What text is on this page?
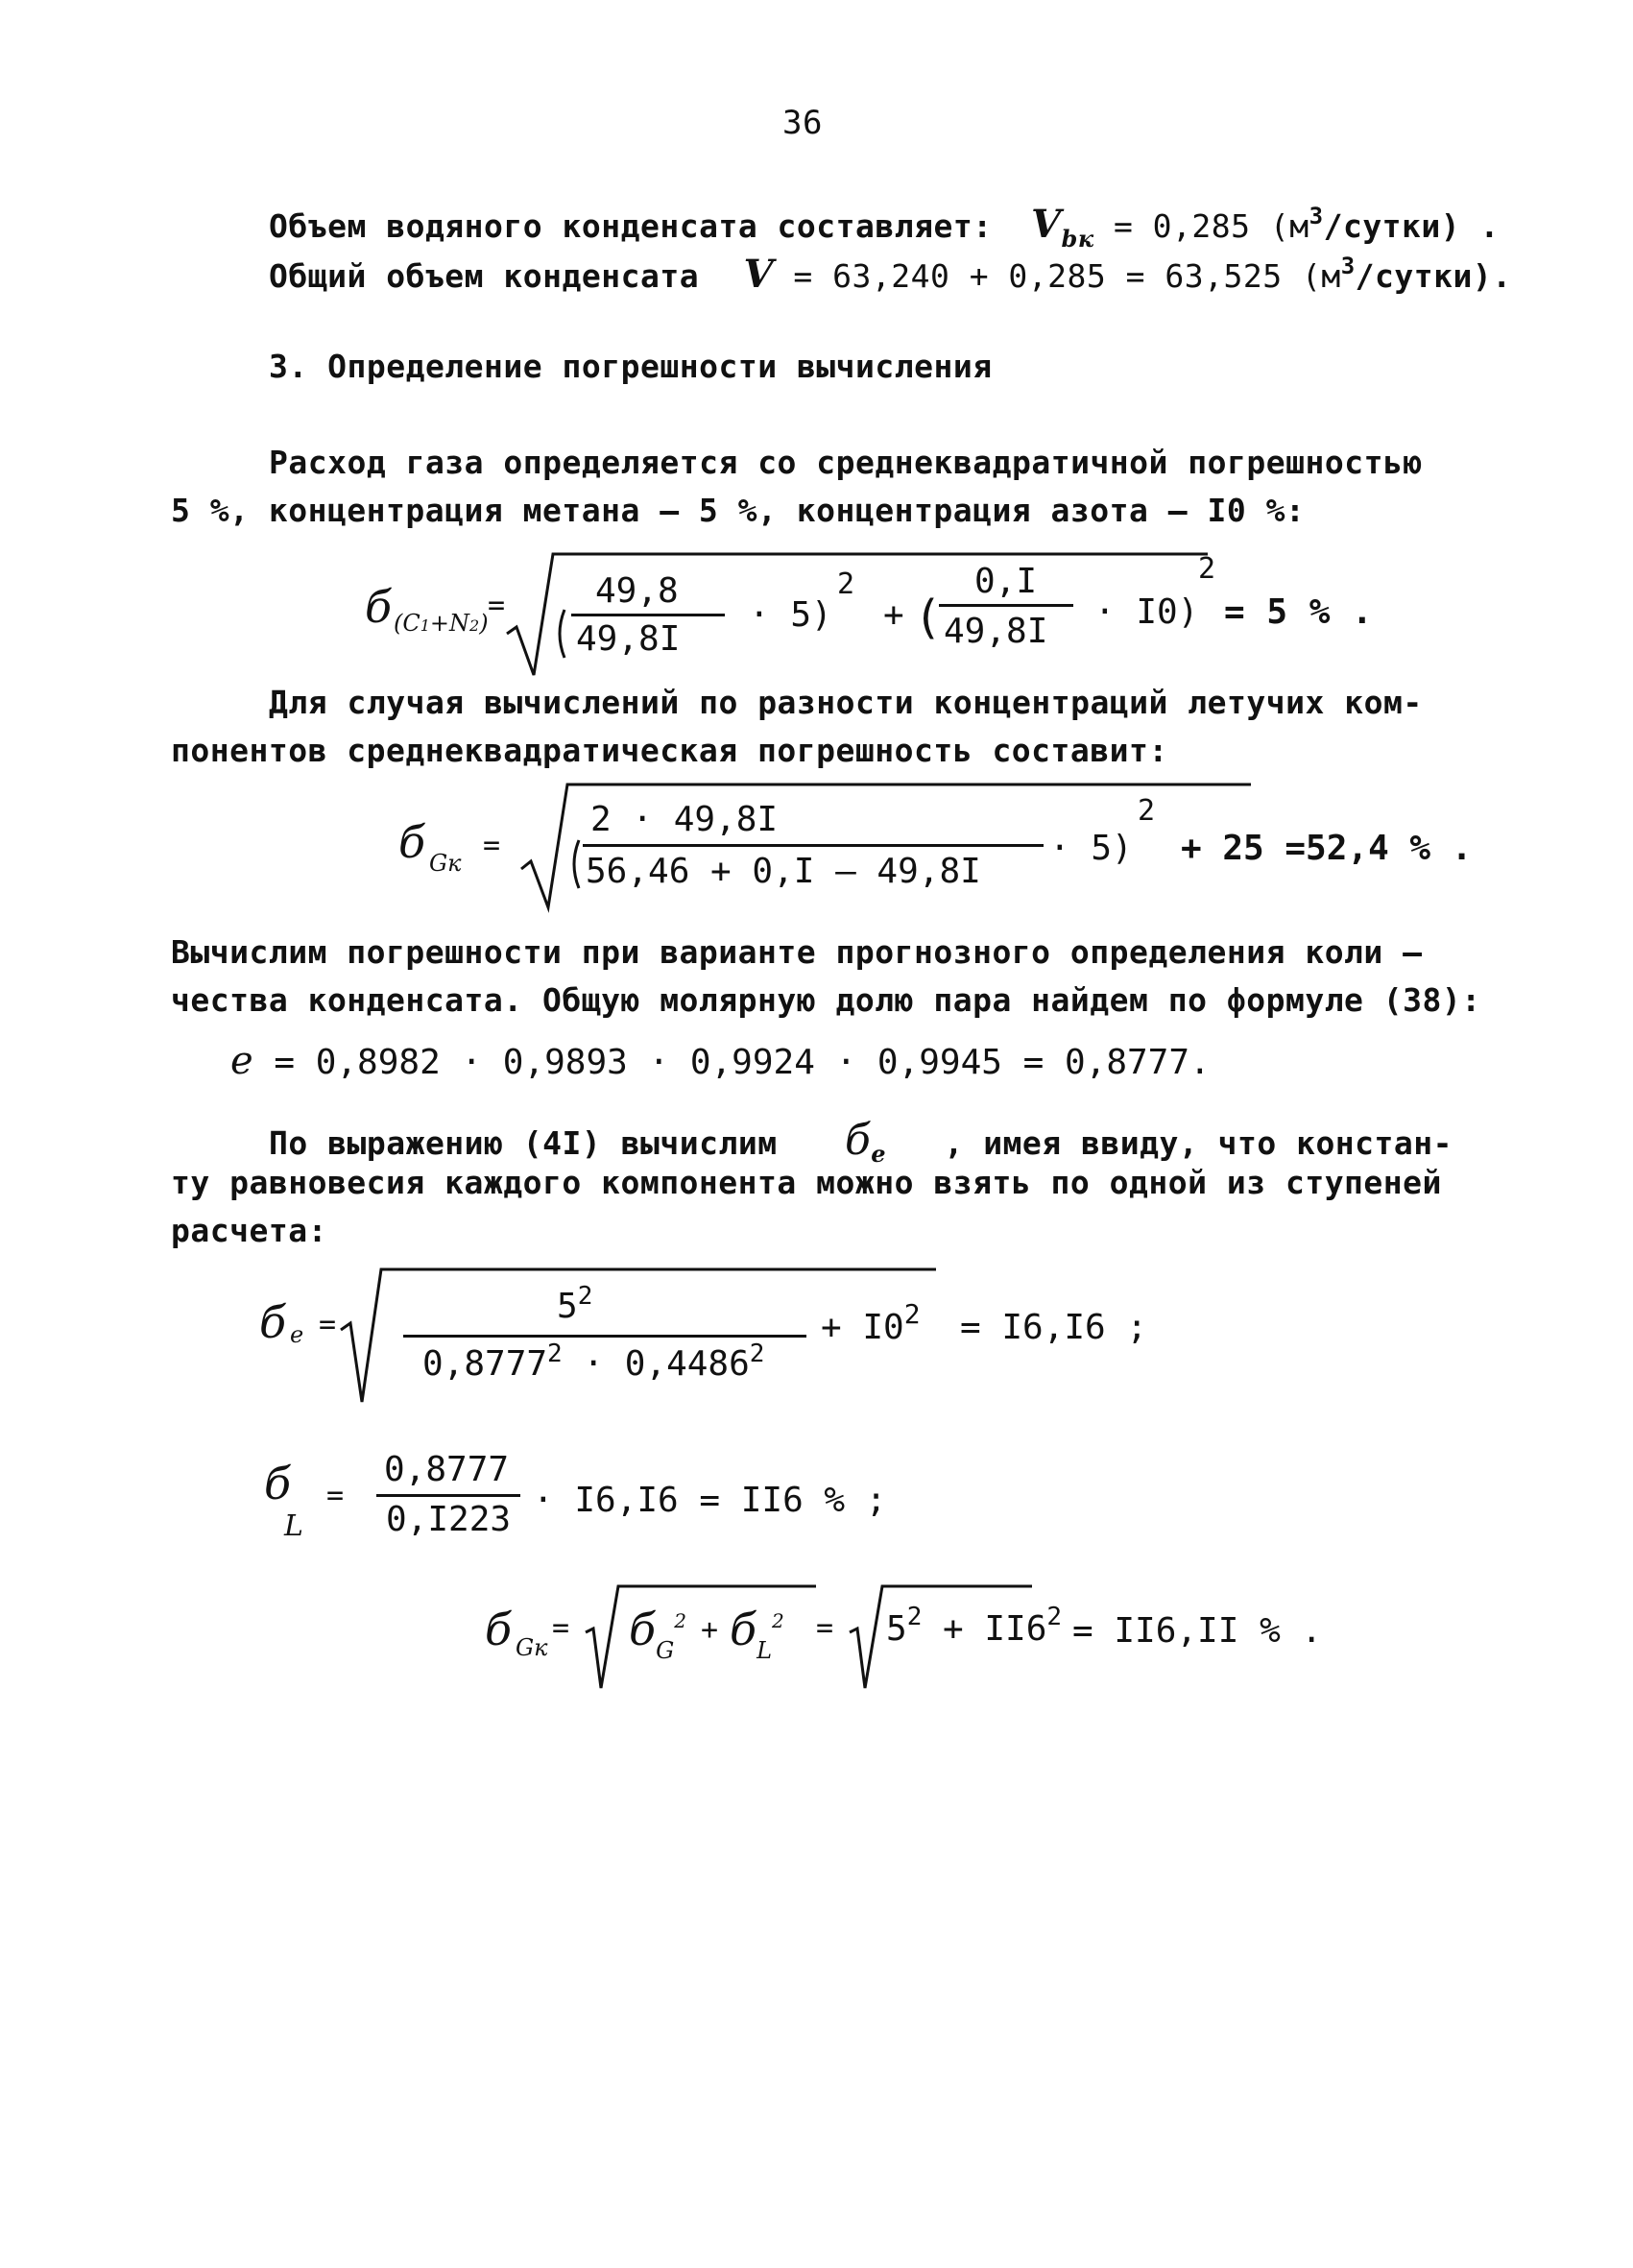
36
Объем водяного конденсата составляет: $V_{bк} = 0,285$ $(м^3/сутки)$ .
Общий объем конденсата V = 63,240 + 0,285 = 63,525 $(м^3/сутки)$.
3. Определение погрешности вычисления
Расход газа определяется со среднеквадратичной погрешностью
5 %, концентрация метана – 5 %, концентрация азота – I0 %:
б (C1+N2)
=	49,8
49,8I
· 5)
2
+ (
0,I
49,8I · I0)
2
= 5 % .
Для случая вычислений по разности концентраций летучих ком-
понентов среднеквадратическая погрешность составит:
б Gк
=
2 · 49,8I
56,46 + 0,I – 49,8I
· 5)
2
+ 25 =52,4 % .
Вычислим погрешности при варианте прогнозного определения коли –
чества конденсата. Общую молярную долю пара найдем по формуле (38):
e = 0,8982 · 0,9893 · 0,9924 · 0,9945 = 0,8777.
По выражению (4I) вычислим $б_e$ , имея ввиду, что констан-
ту равновесия каждого компонента можно взять по одной из ступеней
расчета:
б e =	$5^2$
$0,8777^2 \cdot 0,4486^2$
+ $I0^2 = I6,I6$ ;
б
L
=
0,8777
0,I223 · I6,I6 = II6 % ;
б Gк
= $б_G^2 + б_L^2 = 5^2 + II6^2 = II6,II$ % .
